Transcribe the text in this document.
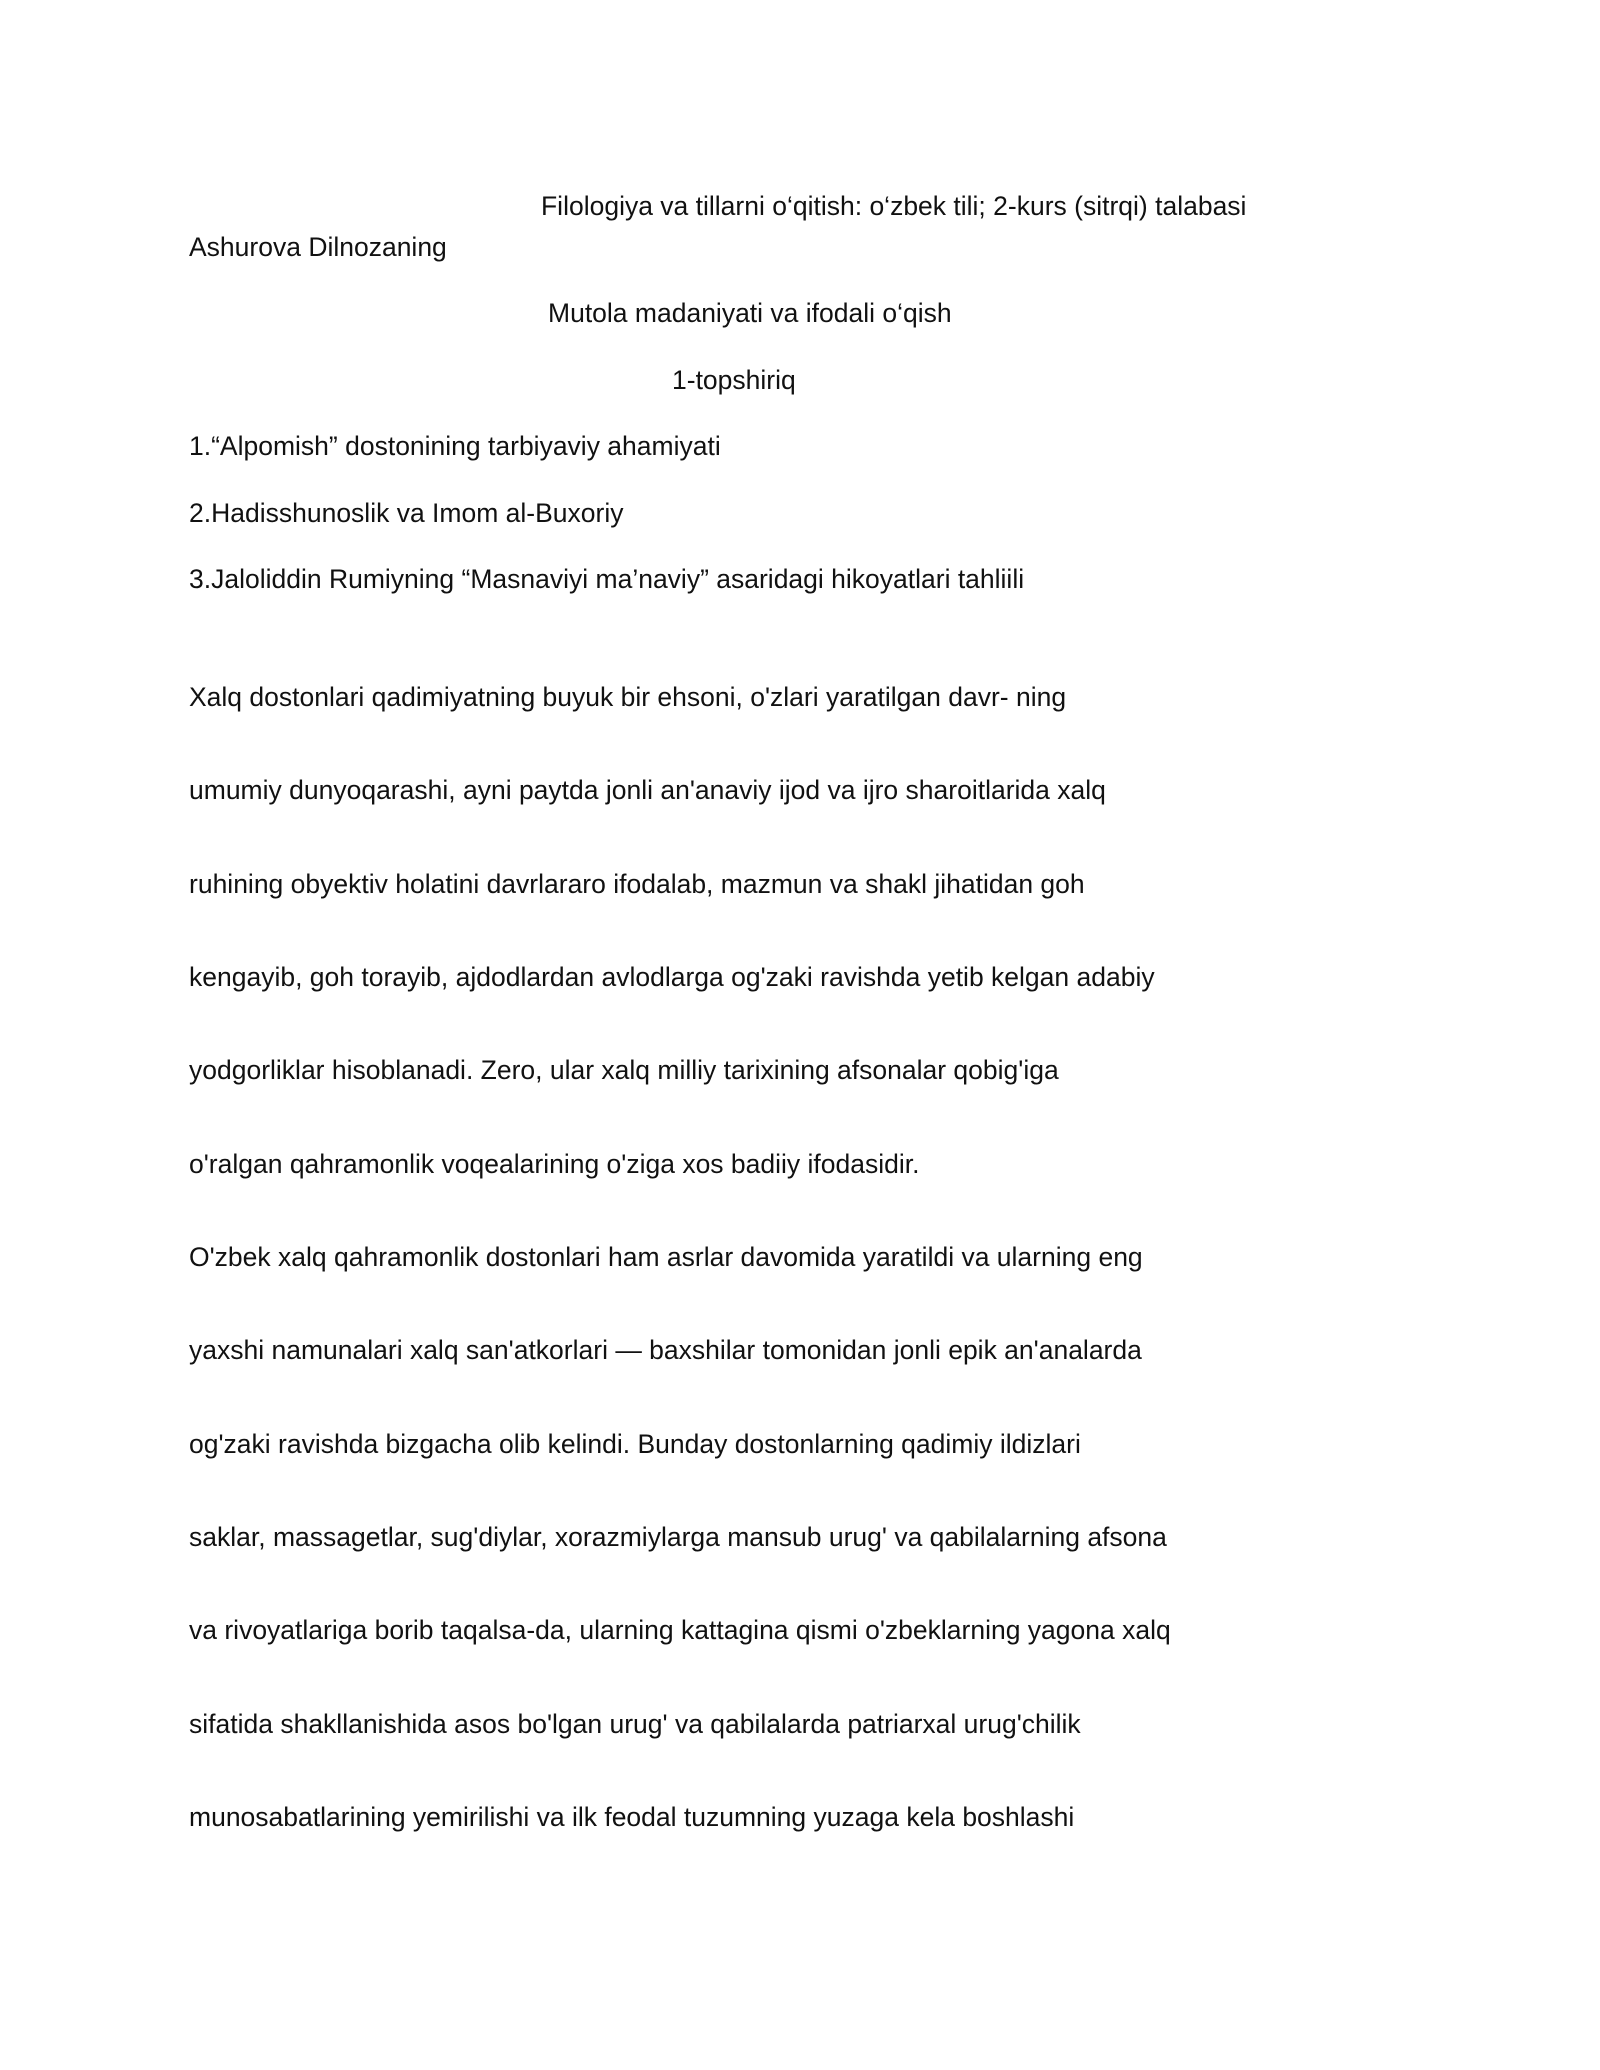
Filologiya va tillarni o‘qitish: o‘zbek tili; 2-kurs (sitrqi) talabasi
Ashurova Dilnozaning
Mutola madaniyati va ifodali o‘qish
1-topshiriq
1.“Alpomish” dostonining tarbiyaviy ahamiyati
2.Hadisshunoslik va Imom al-Buxoriy
3.Jaloliddin Rumiyning “Masnaviyi ma’naviy” asaridagi hikoyatlari tahliili
Xalq dostonlari qadimiyatning buyuk bir ehsoni, o'zlari yaratilgan davr- ning
umumiy dunyoqarashi, ayni paytda jonli an'anaviy ijod va ijro sharoitlarida xalq
ruhining obyektiv holatini davrlararo ifodalab, mazmun va shakl jihatidan goh
kengayib, goh torayib, ajdodlardan avlodlarga og'zaki ravishda yetib kelgan adabiy
yodgorliklar hisoblanadi. Zero, ular xalq milliy tarixining afsonalar qobig'iga
o'ralgan qahramonlik voqealarining o'ziga xos badiiy ifodasidir.
O'zbek xalq qahramonlik dostonlari ham asrlar davomida yaratildi va ularning eng
yaxshi namunalari xalq san'atkorlari — baxshilar tomonidan jonli epik an'analarda
og'zaki ravishda bizgacha olib kelindi. Bunday dostonlarning qadimiy ildizlari
saklar, massagetlar, sug'diylar, xorazmiylarga mansub urug' va qabilalarning afsona
va rivoyatlariga borib taqalsa-da, ularning kattagina qismi o'zbeklarning yagona xalq
sifatida shakllanishida asos bo'lgan urug' va qabilalarda patriarxal urug'chilik
munosabatlarining yemirilishi va ilk feodal tuzumning yuzaga kela boshlashi
